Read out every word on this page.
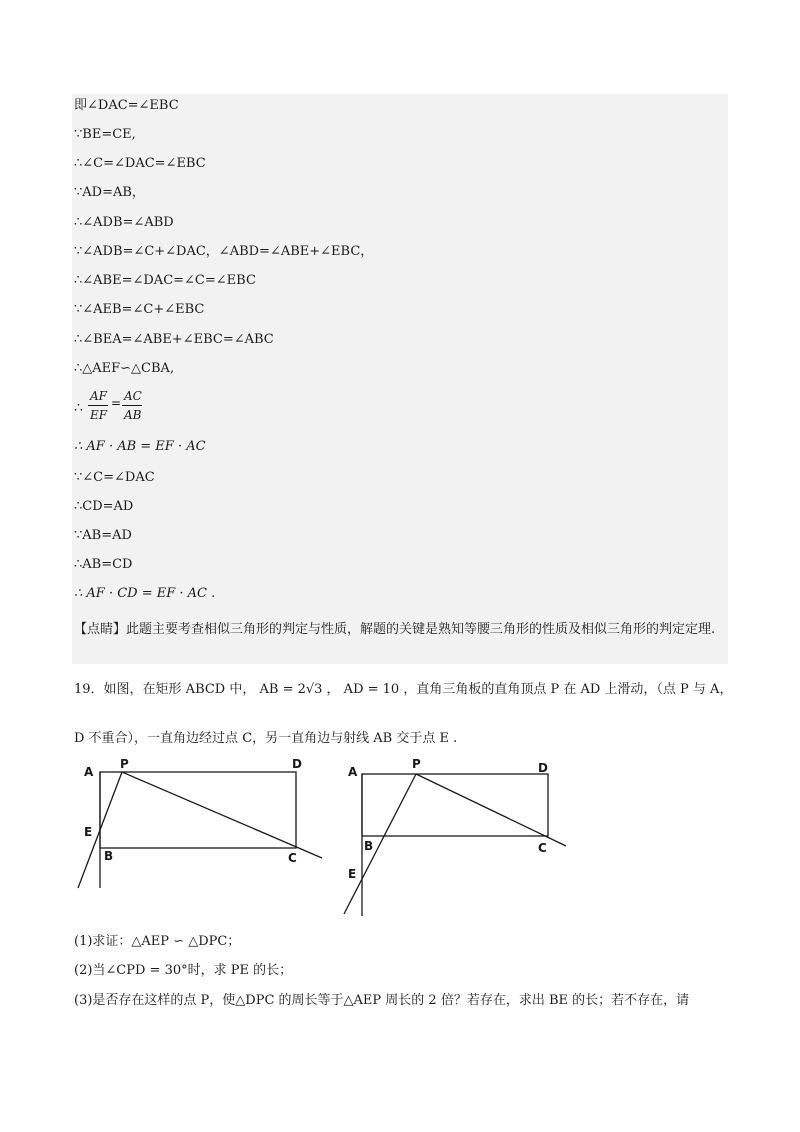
即∠DAC=∠EBC
∵BE=CE,
∴∠C=∠DAC=∠EBC
∵AD=AB，
∴∠ADB=∠ABD
∵∠ADB=∠C+∠DAC，∠ABD=∠ABE+∠EBC，
∴∠ABE=∠DAC=∠C=∠EBC
∵∠AEB=∠C+∠EBC
∴∠BEA=∠ABE+∠EBC=∠ABC
∴△AEF∽△CBA,
∴
AF
EF
= AC
AB
∴ AF · AB = EF · AC
∵∠C=∠DAC
∴CD=AD
∵AB=AD
∴AB=CD
∴ AF · CD = EF · AC .
【点睛】此题主要考查相似三角形的判定与性质，解题的关键是熟知等腰三角形的性质及相似三角形的判定定理.
19．如图，在矩形 ABCD 中， AB = 2√3 ， AD = 10 ，直角三角板的直角顶点 P 在 AD 上滑动，（点 P 与 A，
D 不重合），一直角边经过点 C，另一直角边与射线 AB 交于点 E .
A
P	D
E
B	C
A
P	D
B	C
E
(1)求证：△AEP ∽ △DPC；
(2)当∠CPD = 30°时，求 PE 的长；
(3)是否存在这样的点 P，使△DPC 的周长等于△AEP 周长的 2 倍？若存在，求出 BE 的长；若不存在，请
